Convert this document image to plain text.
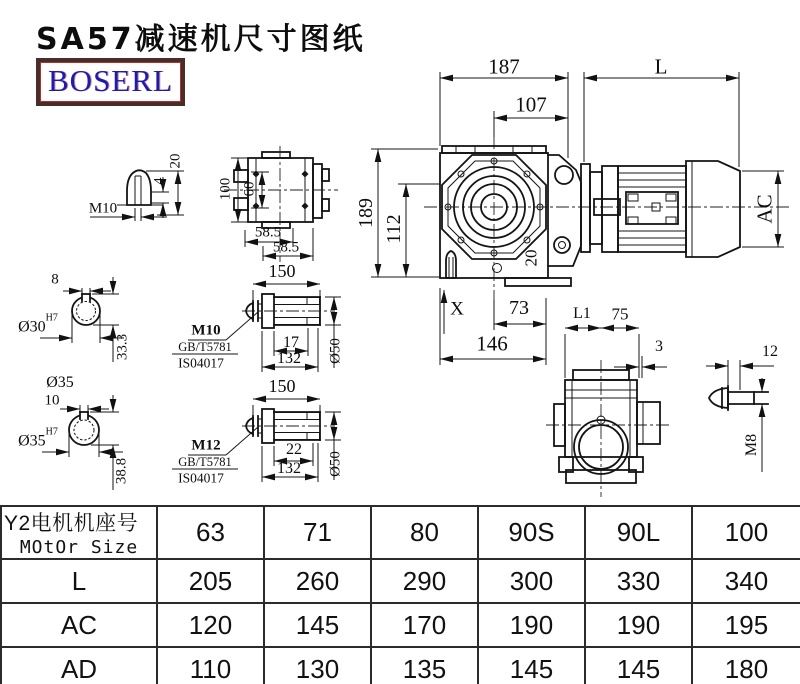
SA57减速机尺寸图纸
BOSERL
M10
4
20
100 60
58.5
58.5
187	L
107
189
112
AC
20
X 73
146
8
$Ø30^{H7}$
33.3
Ø35
150
M10
GB/T5781
IS04017
17
132 Ø50
10
$Ø35^{H7}$
38.8
150
M12
GB/T5781
IS04017
22
132 Ø50
L1 75
3	12
M8
Y2电机机座号
MOtOr Size	63	71	80	90S	90L	100
L	205	260	290	300	330	340
AC	120	145	170	190	190	195
AD	110	130	135	145	145	180
